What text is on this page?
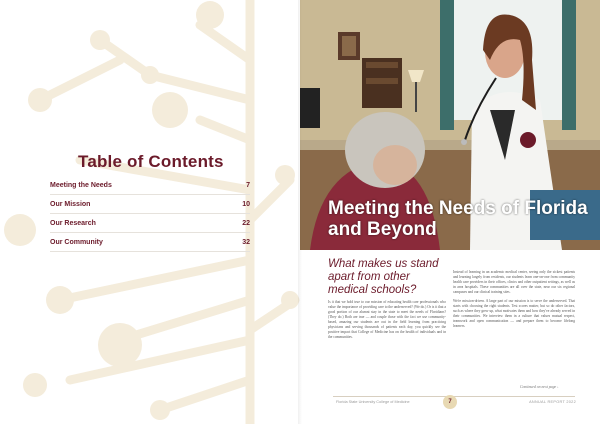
Table of Contents
Meeting the Needs	7
Our Mission	10
Our Research	22
Our Community	32
Meeting the Needs of Florida and Beyond
What makes us stand apart from other medical schools?

Is it that we hold true to our mission of educating health care professionals who value the importance of providing care to the underserved? (We do.) Or is it that a good portion of our alumni stay in the state to meet the needs of Floridians? (They do.) Both are true — and couple those with the fact we use community-based, amazing our students are out in the field learning from practicing physicians and serving thousands of patients each day, you quickly see the positive impact that College of Medicine has on the health of individuals and in the communities.

Instead of learning in an academic medical center, seeing only the sickest patients and learning largely from residents, our students learn one-on-one from community health care providers in their offices, clinics and other outpatient settings, as well as in area hospitals. These communities are all over the state, near our six regional campuses and our clinical training sites.

We're mission-driven. A large part of our mission is to serve the underserved. That starts with choosing the right students. Test scores matter, but so do other factors, such as where they grew up, what motivates them and how they've already served in their communities. We interview them in a culture that values mutual respect, teamwork and open communication — and prepare them to become lifelong learners.

Continued on next page ›
Florida State University College of Medicine	7	ANNUAL REPORT 2022
